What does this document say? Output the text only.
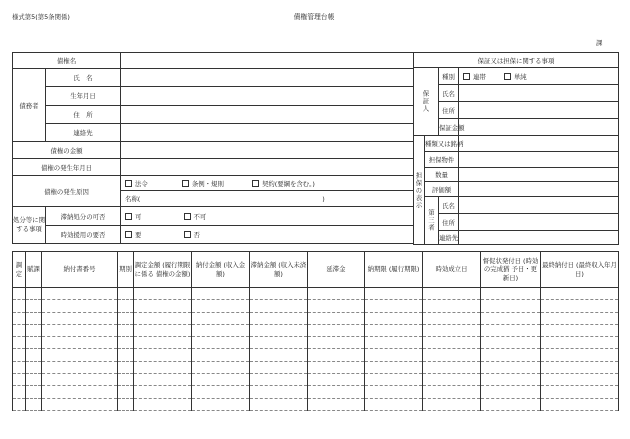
様式第5(第5条関係)	債権管理台帳
課
債権名		
債務者	氏　名	
	生年月日	
	住　所	
	連絡先	
債権の金額		
債権の発生年月日		
債権の発生原因		法令 条例・規則 契約(要綱を含む。)
		名称( )
処分等に関する事項	滞納処分の可否	可 不可
	時効援用の要否	要 否
保証又は担保に関する事項			
保証人		種別	連帯 単純
		氏名	
		住所	
		保証金額	
担保の表示	種類又は銘柄		
	担保物件		
	数量		
	評価額		
	第三者	氏名	
		住所	
		連絡先	
調定	賦課	納付書番号	期別	調定金額 (履行期限に係る 債権の金額)	納付金額 (収入金額)	滞納金額 (収入未済額)	延滞金	納期限 (履行期限)	時効成立日	督促状発付日 (時効の完成猶 予日・更新日)	最終納付日 (最終収入年月日)
